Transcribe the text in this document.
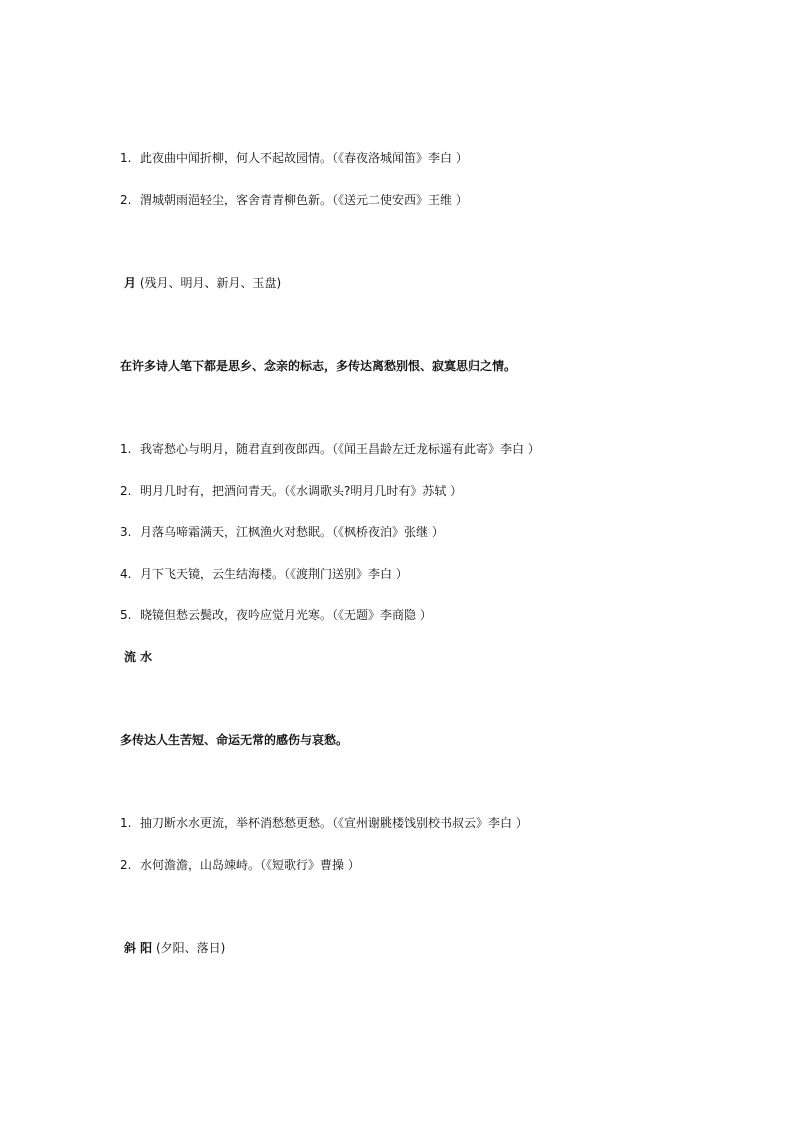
1. 此夜曲中闻折柳，何人不起故园情。（《春夜洛城闻笛》李白 ）
2. 渭城朝雨浥轻尘，客舍青青柳色新。（《送元二使安西》王维 ）
月 (残月、明月、新月、玉盘)
在许多诗人笔下都是思乡、念亲的标志，多传达离愁别恨、寂寞思归之情。
1. 我寄愁心与明月，随君直到夜郎西。（《闻王昌龄左迁龙标遥有此寄》李白 ）
2. 明月几时有，把酒问青天。（《水调歌头?明月几时有》苏轼 ）
3. 月落乌啼霜满天，江枫渔火对愁眠。（《枫桥夜泊》张继 ）
4. 月下飞天镜，云生结海楼。（《渡荆门送别》李白 ）
5. 晓镜但愁云鬓改，夜吟应觉月光寒。（《无题》李商隐 ）
流 水
多传达人生苦短、命运无常的感伤与哀愁。
1. 抽刀断水水更流，举杯消愁愁更愁。（《宣州谢脁楼饯别校书叔云》李白 ）
2. 水何澹澹，山岛竦峙。（《短歌行》曹操 ）
斜 阳 (夕阳、落日)
